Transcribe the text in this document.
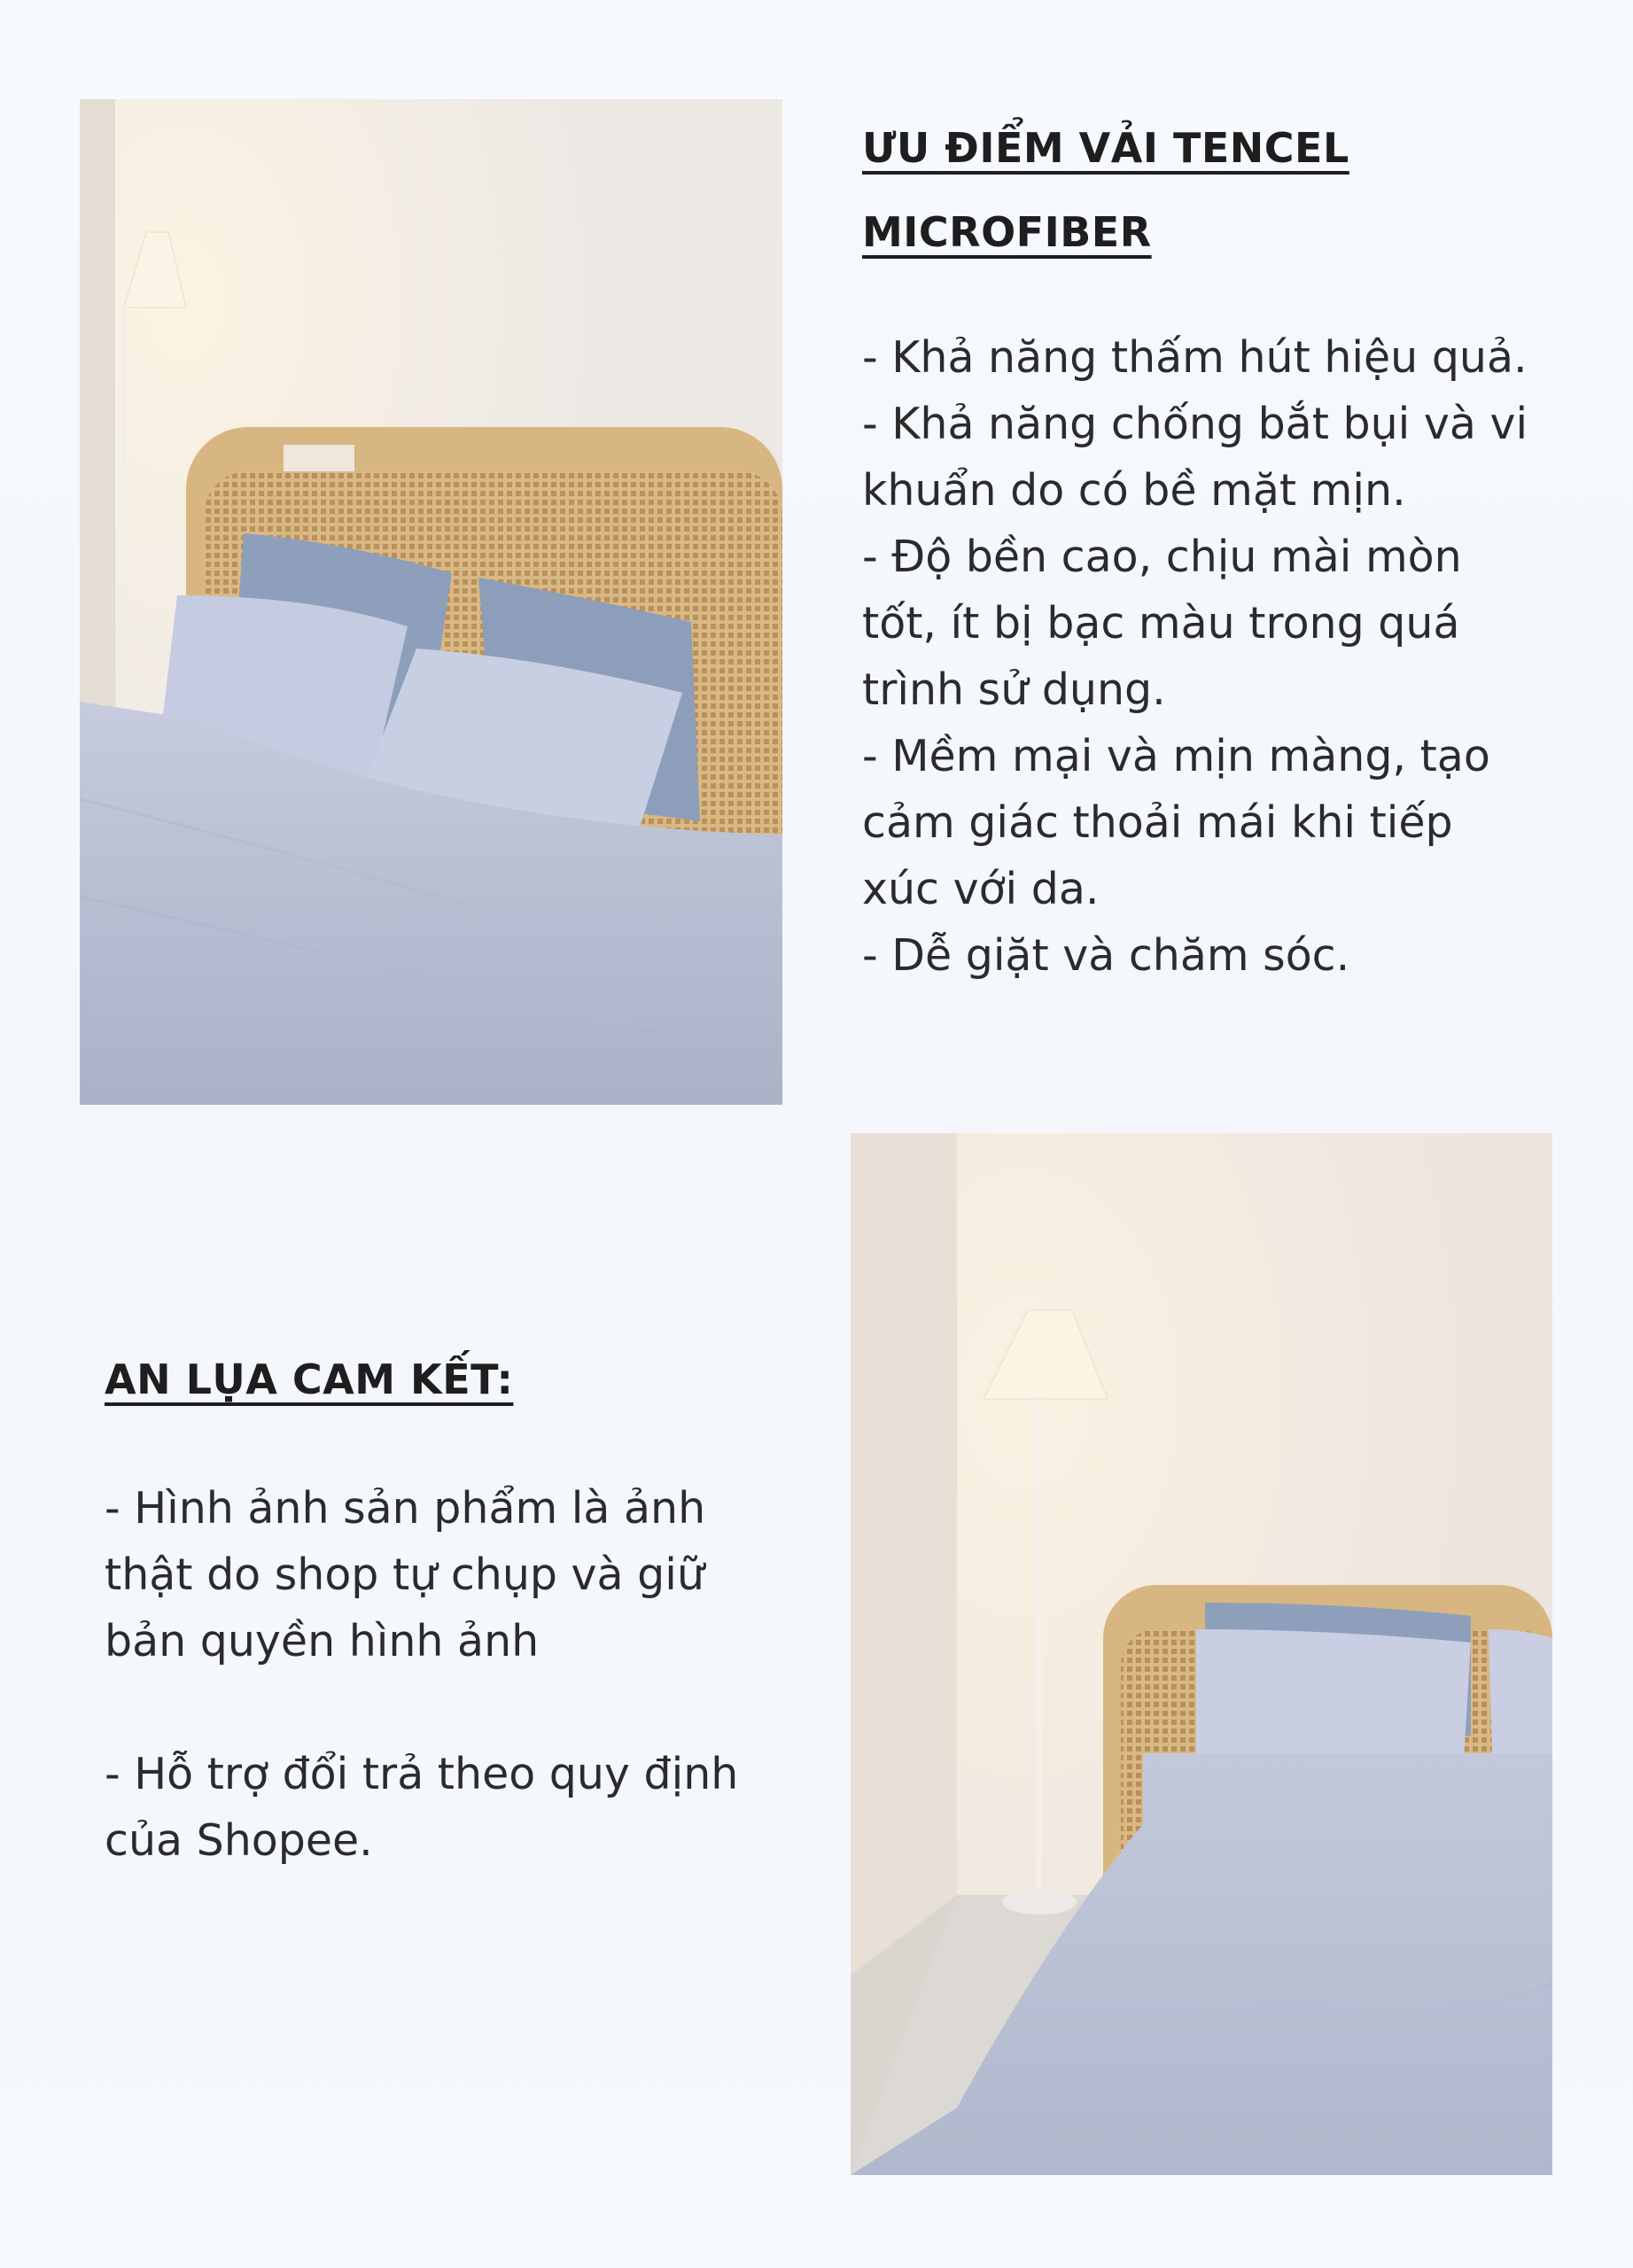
ƯU ĐIỂM VẢI TENCEL
MICROFIBER
- Khả năng thấm hút hiệu quả.
- Khả năng chống bắt bụi và vi
khuẩn do có bề mặt mịn.
- Độ bền cao, chịu mài mòn
tốt, ít bị bạc màu trong quá
trình sử dụng.
- Mềm mại và mịn màng, tạo
cảm giác thoải mái khi tiếp
xúc với da.
- Dễ giặt và chăm sóc.
AN LỤA CAM KẾT:
- Hình ảnh sản phẩm là ảnh
thật do shop tự chụp và giữ
bản quyền hình ảnh
- Hỗ trợ đổi trả theo quy định
của Shopee.
